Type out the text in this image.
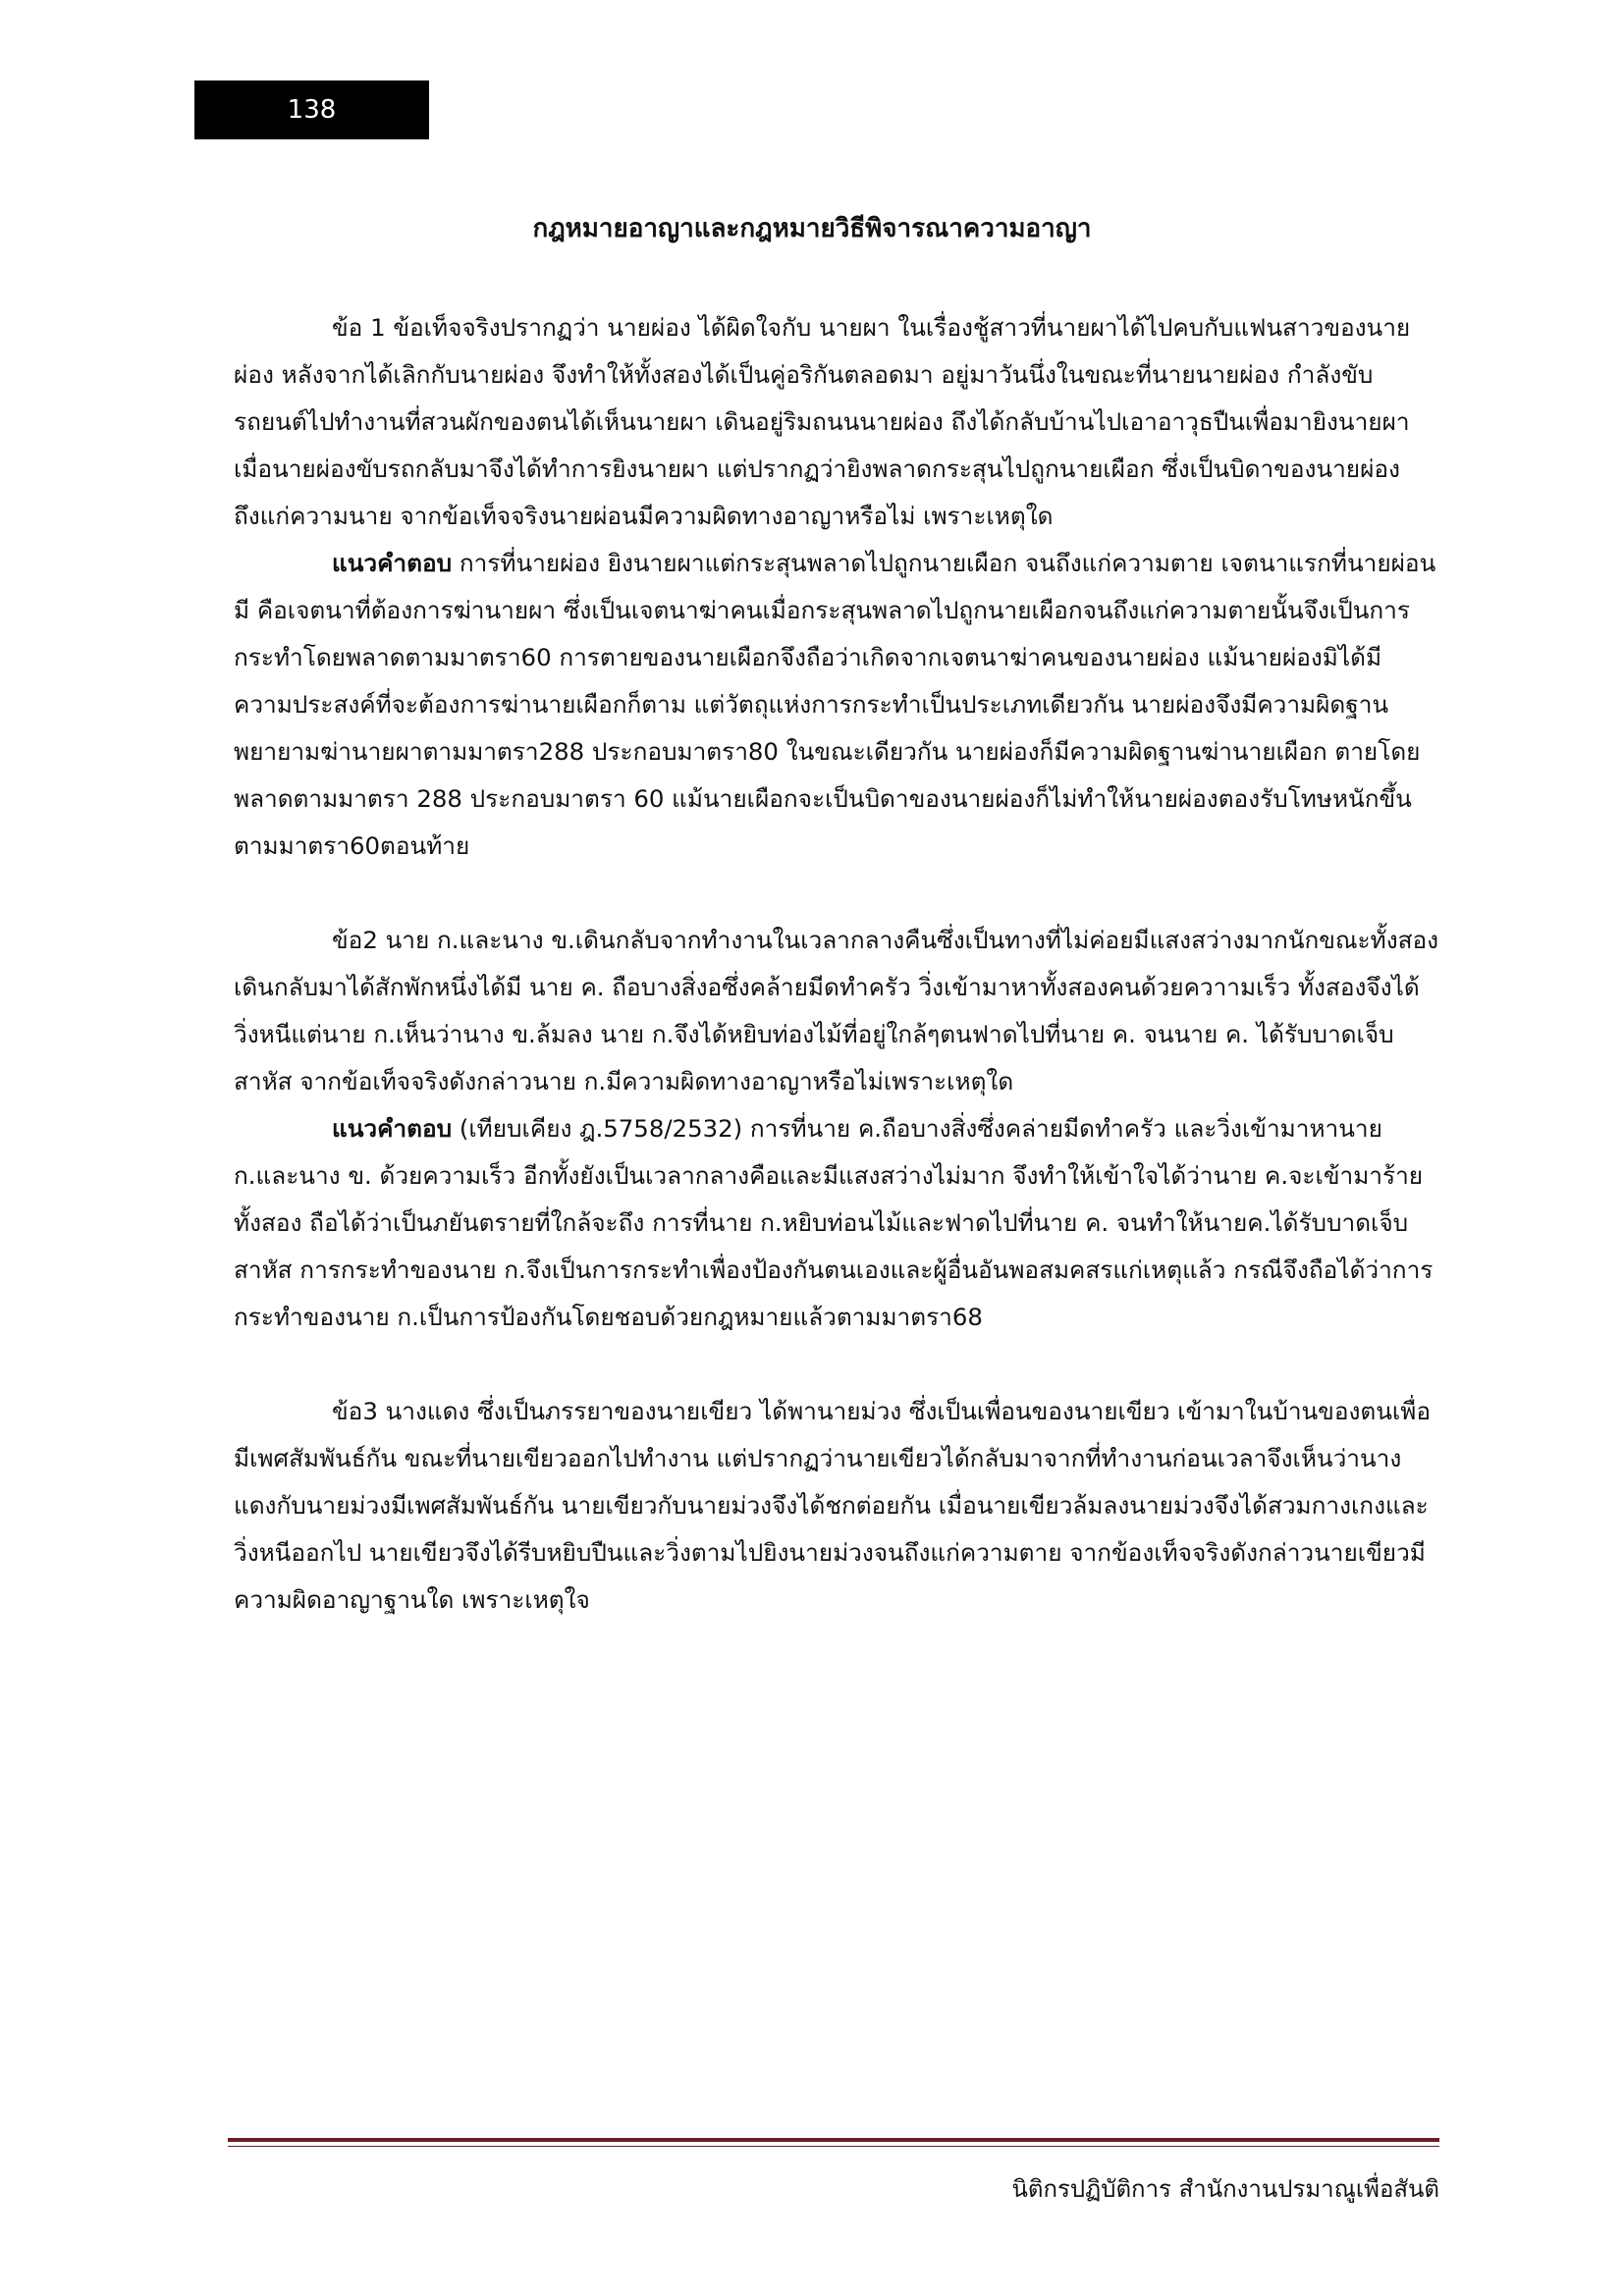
138
กฎหมายอาญาและกฎหมายวิธีพิจารณาความอาญา

ข้อ 1 ข้อเท็จจริงปรากฏว่า นายผ่อง ได้ผิดใจกับ นายผา ในเรื่องชู้สาวที่นายผาได้ไปคบกับแฟนสาวของนายผ่อง หลังจากได้เลิกกับนายผ่อง จึงทำให้ทั้งสองได้เป็นคู่อริกันตลอดมา อยู่มาวันนึ่งในขณะที่นายนายผ่อง กำลังขับรถยนต์ไปทำงานที่สวนผักของตนได้เห็นนายผา เดินอยู่ริมถนนนายผ่อง ถึงได้กลับบ้านไปเอาอาวุธปืนเพื่อมายิงนายผา เมื่อนายผ่องขับรถกลับมาจึงได้ทำการยิงนายผา แต่ปรากฏว่ายิงพลาดกระสุนไปถูกนายเผือก ซึ่งเป็นบิดาของนายผ่องถึงแก่ความนาย จากข้อเท็จจริงนายผ่อนมีความผิดทางอาญาหรือไม่ เพราะเหตุใด

แนวคำตอบ การที่นายผ่อง ยิงนายผาแต่กระสุนพลาดไปถูกนายเผือก จนถึงแก่ความตาย เจตนาแรกที่นายผ่อนมี คือเจตนาที่ต้องการฆ่านายผา ซึ่งเป็นเจตนาฆ่าคนเมื่อกระสุนพลาดไปถูกนายเผือกจนถึงแก่ความตายนั้นจึงเป็นการกระทำโดยพลาดตามมาตรา60 การตายของนายเผือกจึงถือว่าเกิดจากเจตนาฆ่าคนของนายผ่อง แม้นายผ่องมิได้มีความประสงค์ที่จะต้องการฆ่านายเผือกก็ตาม แต่วัตถุแห่งการกระทำเป็นประเภทเดียวกัน นายผ่องจึงมีความผิดฐานพยายามฆ่านายผาตามมาตรา288 ประกอบมาตรา80 ในขณะเดียวกัน นายผ่องก็มีความผิดฐานฆ่านายเผือก ตายโดยพลาดตามมาตรา 288 ประกอบมาตรา 60 แม้นายเผือกจะเป็นบิดาของนายผ่องก็ไม่ทำให้นายผ่องตองรับโทษหนักขึ้นตามมาตรา60ตอนท้าย

ข้อ2 นาย ก.และนาง ข.เดินกลับจากทำงานในเวลากลางคืนซึ่งเป็นทางที่ไม่ค่อยมีแสงสว่างมากนักขณะทั้งสองเดินกลับมาได้สักพักหนึ่งได้มี นาย ค. ถือบางสิ่งอซึ่งคล้ายมีดทำครัว วิ่งเข้ามาหาทั้งสองคนด้วยควาามเร็ว ทั้งสองจึงได้วิ่งหนีแต่นาย ก.เห็นว่านาง ข.ล้มลง นาย ก.จึงได้หยิบท่องไม้ที่อยู่ใกล้ๆตนฟาดไปที่นาย ค. จนนาย ค. ได้รับบาดเจ็บสาหัส จากข้อเท็จจริงดังกล่าวนาย ก.มีความผิดทางอาญาหรือไม่เพราะเหตุใด

แนวคำตอบ (เทียบเคียง ฎ.5758/2532) การที่นาย ค.ถือบางสิ่งซึ่งคล่ายมีดทำครัว และวิ่งเข้ามาหานาย ก.และนาง ข. ด้วยความเร็ว อีกทั้งยังเป็นเวลากลางคือและมีแสงสว่างไม่มาก จึงทำให้เข้าใจได้ว่านาย ค.จะเข้ามาร้ายทั้งสอง ถือได้ว่าเป็นภยันตรายที่ใกล้จะถึง การที่นาย ก.หยิบท่อนไม้และฟาดไปที่นาย ค. จนทำให้นายค.ได้รับบาดเจ็บสาหัส การกระทำของนาย ก.จึงเป็นการกระทำเพื่องป้องกันตนเองและผู้อื่นอันพอสมคสรแก่เหตุแล้ว กรณีจึงถือได้ว่าการกระทำของนาย ก.เป็นการป้องกันโดยชอบด้วยกฎหมายแล้วตามมาตรา68

ข้อ3 นางแดง ซึ่งเป็นภรรยาของนายเขียว ได้พานายม่วง ซึ่งเป็นเพื่อนของนายเขียว เข้ามาในบ้านของตนเพื่อมีเพศสัมพันธ์กัน ขณะที่นายเขียวออกไปทำงาน แต่ปรากฏว่านายเขียวได้กลับมาจากที่ทำงานก่อนเวลาจึงเห็นว่านางแดงกับนายม่วงมีเพศสัมพันธ์กัน นายเขียวกับนายม่วงจึงได้ชกต่อยกัน เมื่อนายเขียวล้มลงนายม่วงจึงได้สวมกางเกงและวิ่งหนีออกไป นายเขียวจึงได้รีบหยิบปืนและวิ่งตามไปยิงนายม่วงจนถึงแก่ความตาย จากข้องเท็จจริงดังกล่าวนายเขียวมีความผิดอาญาฐานใด เพราะเหตุใจ

นิติกรปฏิบัติการ สำนักงานปรมาณูเพื่อสันติ
